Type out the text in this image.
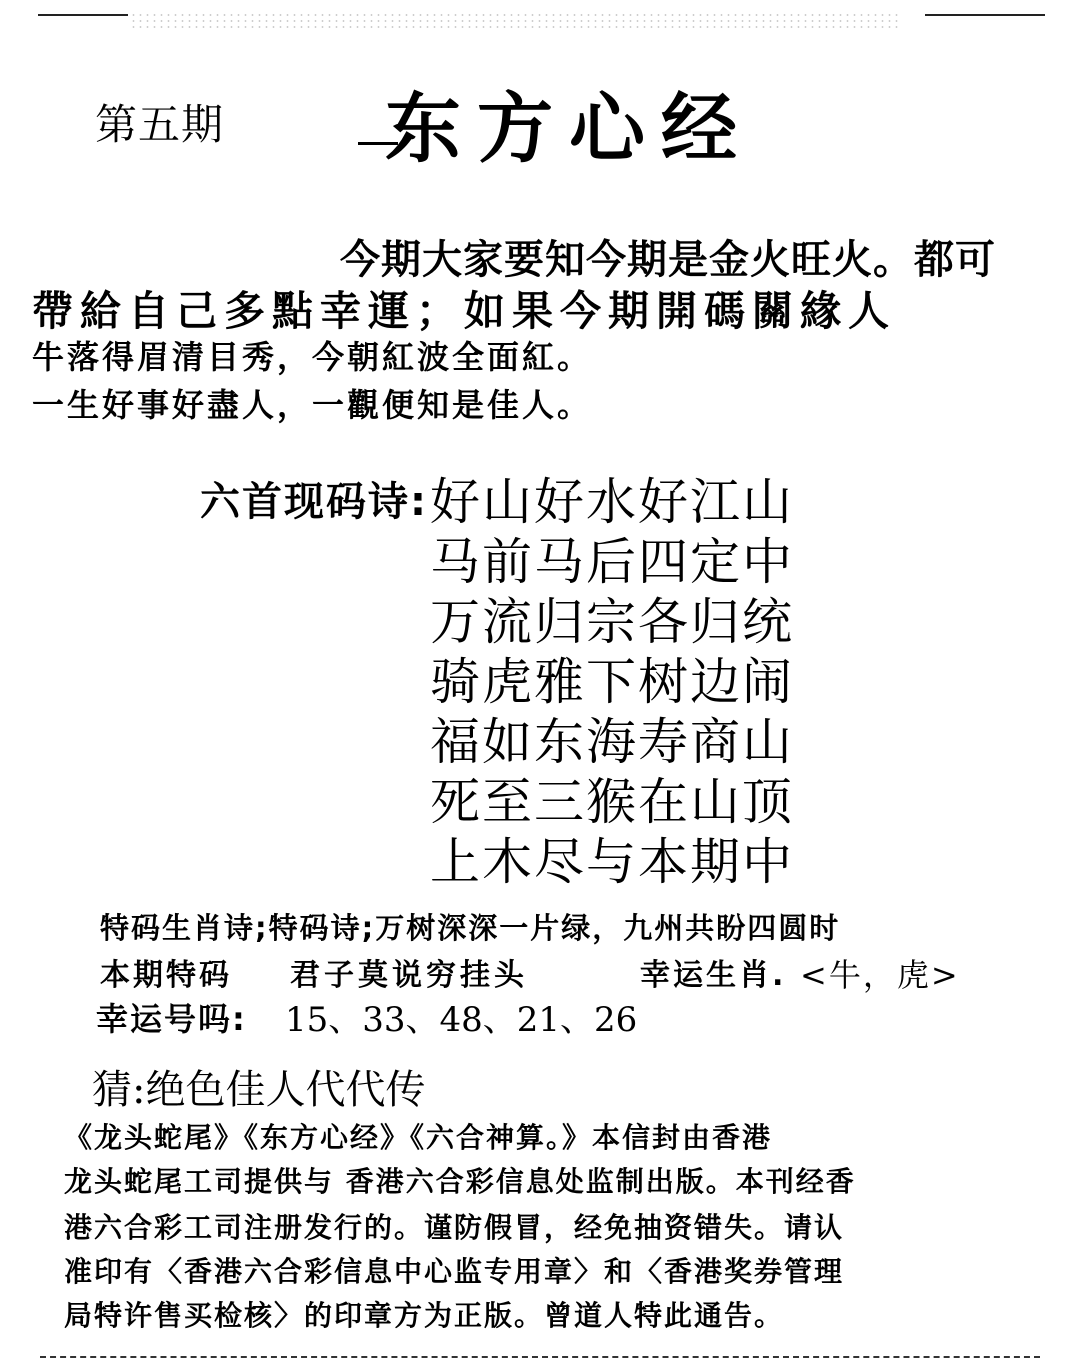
第五期 东方心经
今期大家要知今期是金火旺火。都可
帶給自己多點幸運；如果今期開碼關緣人
牛落得眉清目秀，今朝紅波全面紅。
一生好事好盡人，一觀便知是佳人。
六首现码诗: 好山好水好江山
马前马后四定中
万流归宗各归统
骑虎雅下树边闹
福如东海寿商山
死至三猴在山顶
上木尽与本期中
特码生肖诗;特码诗;万树深深一片绿，九州共盼四圆时
本期特码 君子莫说穷挂头	幸运生肖. <牛，虎>
幸运号吗: 15、33、48、21、26
猜:绝色佳人代代传
《龙头蛇尾》《东方心经》《六合神算。》本信封由香港
龙头蛇尾工司提供与 香港六合彩信息处监制出版。本刊经香
港六合彩工司注册发行的。谨防假冒，经免抽资错失。请认
准印有〈香港六合彩信息中心监专用章〉和〈香港奖券管理
局特许售买检核〉的印章方为正版。曾道人特此通告。
